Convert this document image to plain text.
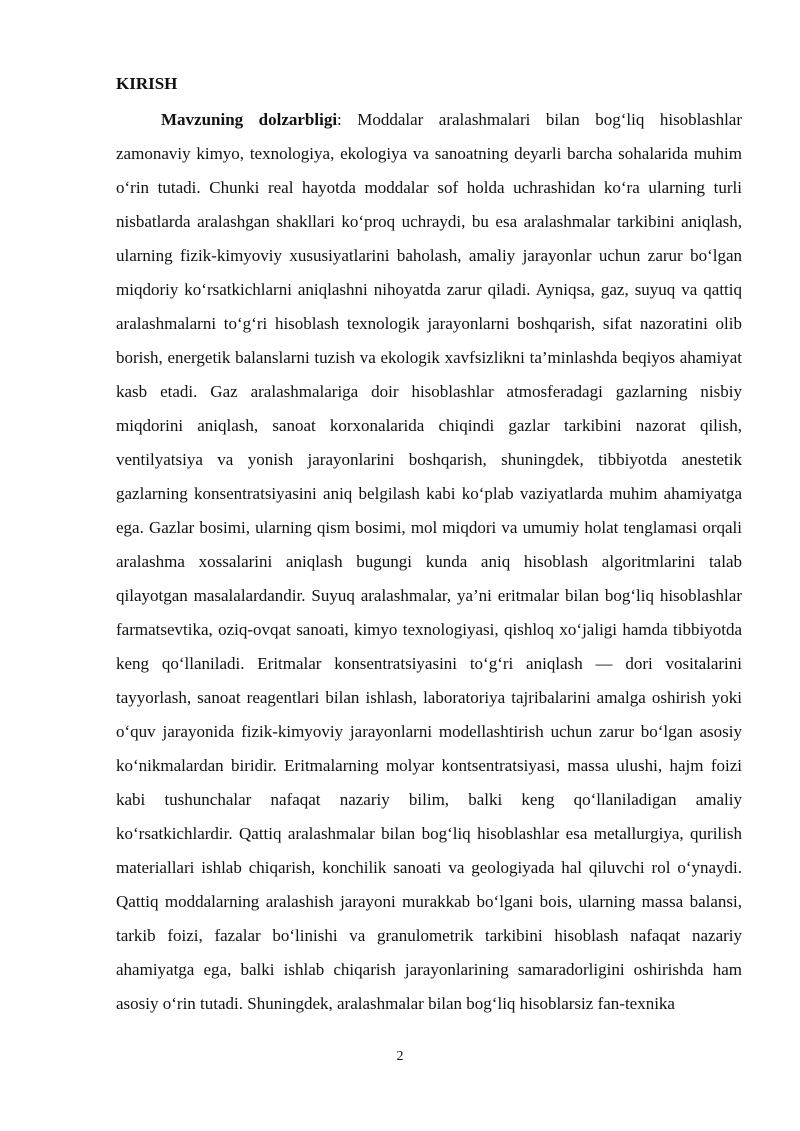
KIRISH

Mavzuning dolzarbligi: Moddalar aralashmalari bilan bog‘liq hisoblashlar zamonaviy kimyo, texnologiya, ekologiya va sanoatning deyarli barcha sohalarida muhim o‘rin tutadi. Chunki real hayotda moddalar sof holda uchrashidan ko‘ra ularning turli nisbatlarda aralashgan shakllari ko‘proq uchraydi, bu esa aralashmalar tarkibini aniqlash, ularning fizik-kimyoviy xususiyatlarini baholash, amaliy jarayonlar uchun zarur bo‘lgan miqdoriy ko‘rsatkichlarni aniqlashni nihoyatda zarur qiladi. Ayniqsa, gaz, suyuq va qattiq aralashmalarni to‘g‘ri hisoblash texnologik jarayonlarni boshqarish, sifat nazoratini olib borish, energetik balanslarni tuzish va ekologik xavfsizlikni ta’minlashda beqiyos ahamiyat kasb etadi. Gaz aralashmalariga doir hisoblashlar atmosferadagi gazlarning nisbiy miqdorini aniqlash, sanoat korxonalarida chiqindi gazlar tarkibini nazorat qilish, ventilyatsiya va yonish jarayonlarini boshqarish, shuningdek, tibbiyotda anestetik gazlarning konsentratsiyasini aniq belgilash kabi ko‘plab vaziyatlarda muhim ahamiyatga ega. Gazlar bosimi, ularning qism bosimi, mol miqdori va umumiy holat tenglamasi orqali aralashma xossalarini aniqlash bugungi kunda aniq hisoblash algoritmlarini talab qilayotgan masalalardandir. Suyuq aralashmalar, ya’ni eritmalar bilan bog‘liq hisoblashlar farmatsevtika, oziq-ovqat sanoati, kimyo texnologiyasi, qishloq xo‘jaligi hamda tibbiyotda keng qo‘llaniladi. Eritmalar konsentratsiyasini to‘g‘ri aniqlash — dori vositalarini tayyorlash, sanoat reagentlari bilan ishlash, laboratoriya tajribalarini amalga oshirish yoki o‘quv jarayonida fizik-kimyoviy jarayonlarni modellashtirish uchun zarur bo‘lgan asosiy ko‘nikmalardan biridir. Eritmalarning molyar kontsentratsiyasi, massa ulushi, hajm foizi kabi tushunchalar nafaqat nazariy bilim, balki keng qo‘llaniladigan amaliy ko‘rsatkichlardir. Qattiq aralashmalar bilan bog‘liq hisoblashlar esa metallurgiya, qurilish materiallari ishlab chiqarish, konchilik sanoati va geologiyada hal qiluvchi rol o‘ynaydi. Qattiq moddalarning aralashish jarayoni murakkab bo‘lgani bois, ularning massa balansi, tarkib foizi, fazalar bo‘linishi va granulometrik tarkibini hisoblash nafaqat nazariy ahamiyatga ega, balki ishlab chiqarish jarayonlarining samaradorligini oshirishda ham asosiy o‘rin tutadi. Shuningdek, aralashmalar bilan bog‘liq hisoblarsiz fan-texnika

2
